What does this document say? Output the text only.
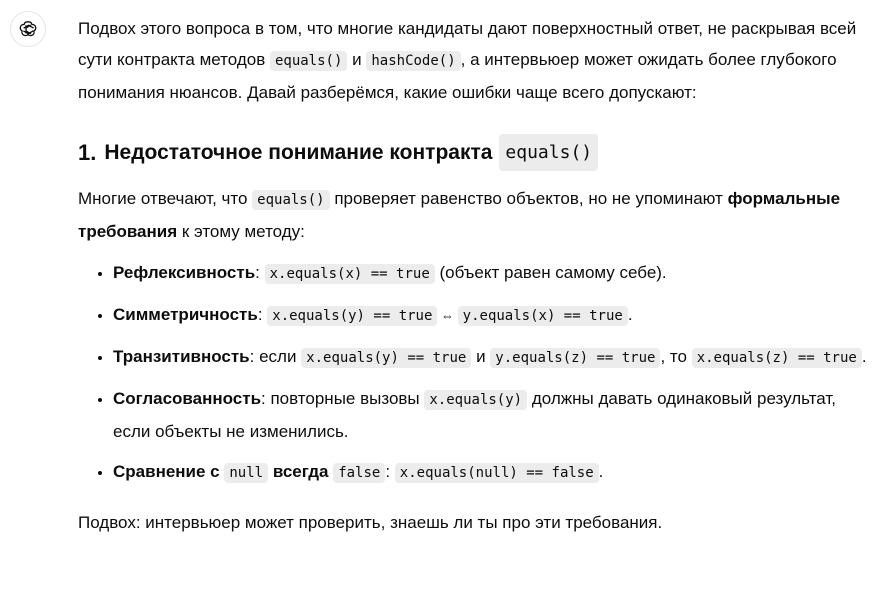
Подвох этого вопроса в том, что многие кандидаты дают поверхностный ответ, не раскрывая всей сути контракта методов equals() и hashCode() , а интервьюер может ожидать более глубокого понимания нюансов. Давай разберёмся, какие ошибки чаще всего допускают:

1. Недостаточное понимание контракта equals()

Многие отвечают, что equals() проверяет равенство объектов, но не упоминают формальные требования к этому методу:

• Рефлексивность: x.equals(x) == true (объект равен самому себе).
• Симметричность: x.equals(y) == true ⇔ y.equals(x) == true .
• Транзитивность: если x.equals(y) == true и y.equals(z) == true , то x.equals(z) == true .
• Согласованность: повторные вызовы x.equals(y) должны давать одинаковый результат, если объекты не изменились.
• Сравнение с null всегда false : x.equals(null) == false .

Подвох: интервьюер может проверить, знаешь ли ты про эти требования.
